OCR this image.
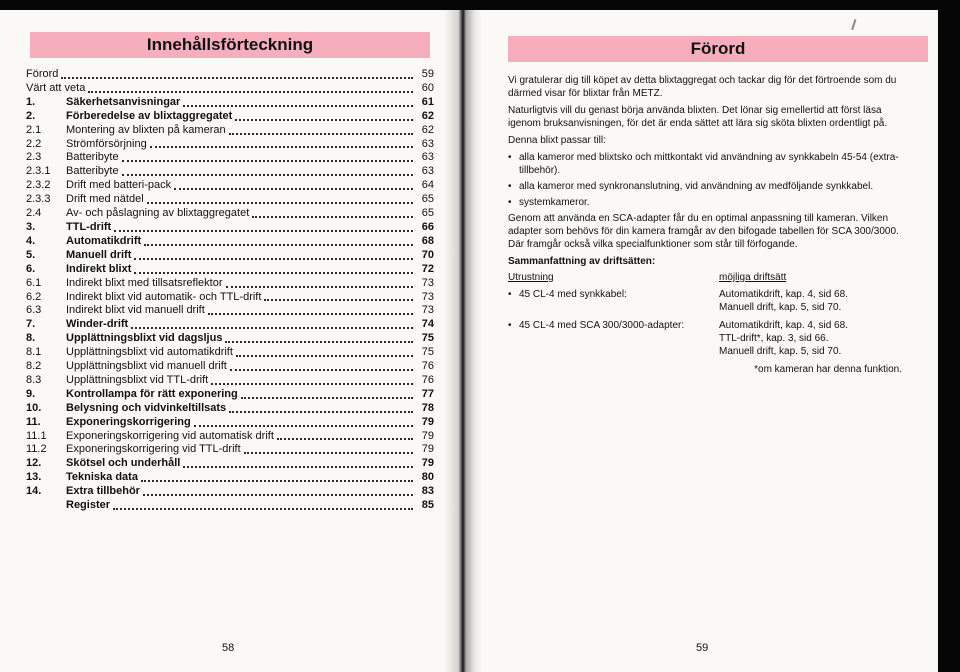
Innehållsförteckning
Förord	59
Värt att veta	60
1.	Säkerhetsanvisningar	61
2.	Förberedelse av blixtaggregatet	62
2.1	Montering av blixten på kameran	62
2.2	Strömförsörjning	63
2.3	Batteribyte	63
2.3.1	Batteribyte	63
2.3.2	Drift med batteri-pack	64
2.3.3	Drift med nätdel	65
2.4	Av- och påslagning av blixtaggregatet	65
3.	TTL-drift	66
4.	Automatikdrift	68
5.	Manuell drift	70
6.	Indirekt blixt	72
6.1	Indirekt blixt med tillsatsreflektor	73
6.2	Indirekt blixt vid automatik- och TTL-drift	73
6.3	Indirekt blixt vid manuell drift	73
7.	Winder-drift	74
8.	Upplättningsblixt vid dagsljus	75
8.1	Upplättningsblixt vid automatikdrift	75
8.2	Upplättningsblixt vid manuell drift	76
8.3	Upplättningsblixt vid TTL-drift	76
9.	Kontrollampa för rätt exponering	77
10.	Belysning och vidvinkeltillsats	78
11.	Exponeringskorrigering	79
11.1	Exponeringskorrigering vid automatisk drift	79
11.2	Exponeringskorrigering vid TTL-drift	79
12.	Skötsel och underhåll	79
13.	Tekniska data	80
14.	Extra tillbehör	83
Register	85
58
Förord
Vi gratulerar dig till köpet av detta blixtaggregat och tackar dig för det förtroende som du därmed visar för blixtar från METZ.
Naturligtvis vill du genast börja använda blixten. Det lönar sig emellertid att först läsa igenom bruksanvisningen, för det är enda sättet att lära sig sköta blixten ordentligt på.
Denna blixt passar till:
• alla kameror med blixtsko och mittkontakt vid användning av synkkabeln 45-54 (extra-tillbehör).
• alla kameror med synkronanslutning, vid användning av medföljande synkkabel.
• systemkameror.
Genom att använda en SCA-adapter får du en optimal anpassning till kameran. Vilken adapter som behövs för din kamera framgår av den bifogade tabellen för SCA 300/3000. Där framgår också vilka specialfunktioner som står till förfogande.
Sammanfattning av driftsätten:
Utrustning	möjliga driftsätt
• 45 CL-4 med synkkabel:	Automatikdrift, kap. 4, sid 68.
Manuell drift, kap. 5, sid 70.
• 45 CL-4 med SCA 300/3000-adapter:	Automatikdrift, kap. 4, sid 68.
TTL-drift*, kap. 3, sid 66.
Manuell drift, kap. 5, sid 70.
*om kameran har denna funktion.
59
